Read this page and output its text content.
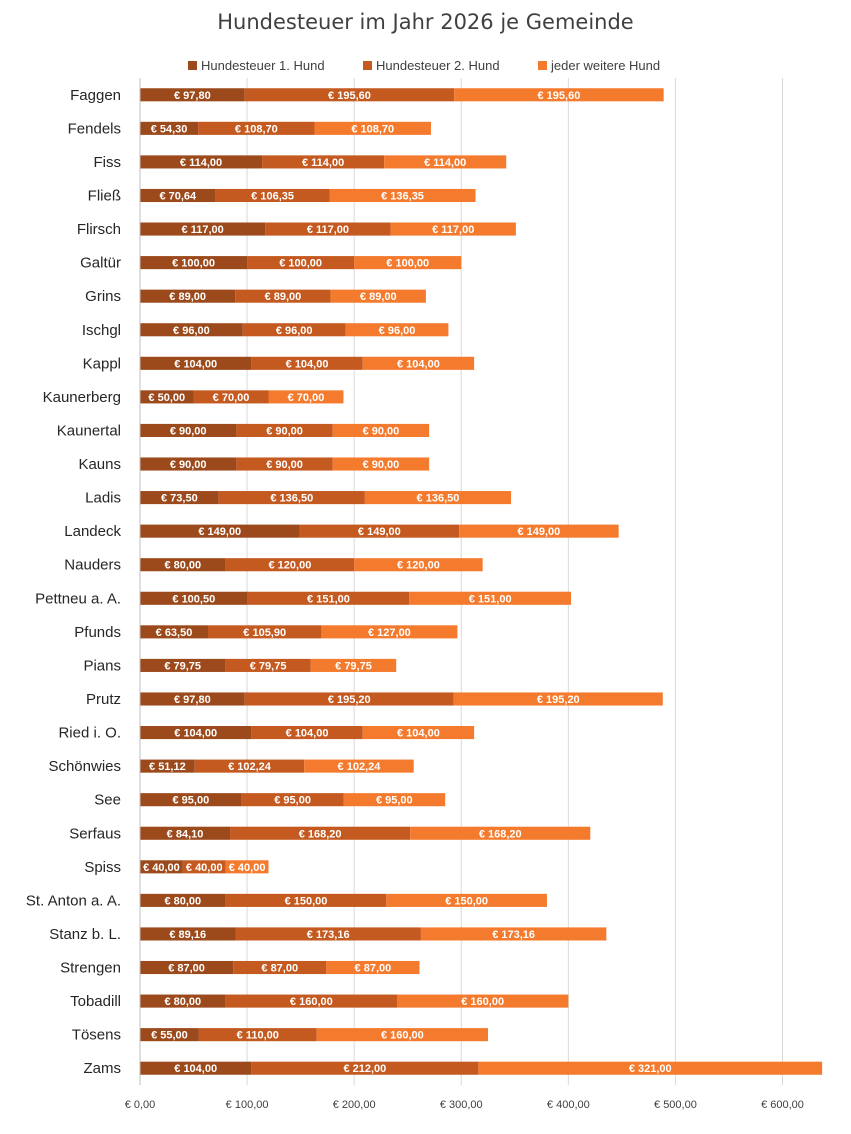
Hundesteuer im Jahr 2026 je Gemeinde
€ 0,00	€ 100,00	€ 200,00	€ 300,00	€ 400,00	€ 500,00	€ 600,00
Hundesteuer 1. Hund	Hundesteuer 2. Hund	jeder weitere Hund
Faggen	€ 97,80	€ 195,60	€ 195,60
Fendels	€ 54,30	€ 108,70	€ 108,70
Fiss	€ 114,00	€ 114,00	€ 114,00
Fließ	€ 70,64	€ 106,35	€ 136,35
Flirsch	€ 117,00	€ 117,00	€ 117,00
Galtür	€ 100,00	€ 100,00	€ 100,00
Grins	€ 89,00	€ 89,00	€ 89,00
Ischgl	€ 96,00	€ 96,00	€ 96,00
Kappl	€ 104,00	€ 104,00	€ 104,00
Kaunerberg € 50,00	€ 70,00	€ 70,00
Kaunertal	€ 90,00	€ 90,00	€ 90,00
Kauns	€ 90,00	€ 90,00	€ 90,00
Ladis	€ 73,50	€ 136,50	€ 136,50
Landeck	€ 149,00	€ 149,00	€ 149,00
Nauders	€ 80,00	€ 120,00	€ 120,00
Pettneu a. A.	€ 100,50	€ 151,00	€ 151,00
Pfunds	€ 63,50	€ 105,90	€ 127,00
Pians	€ 79,75	€ 79,75	€ 79,75
Prutz	€ 97,80	€ 195,20	€ 195,20
Ried i. O.	€ 104,00	€ 104,00	€ 104,00
Schönwies	€ 51,12	€ 102,24	€ 102,24
See	€ 95,00	€ 95,00	€ 95,00
Serfaus	€ 84,10	€ 168,20	€ 168,20
Spiss € 40,00 € 40,00 € 40,00
St. Anton a. A.	€ 80,00	€ 150,00	€ 150,00
Stanz b. L.	€ 89,16	€ 173,16	€ 173,16
Strengen	€ 87,00	€ 87,00	€ 87,00
Tobadill	€ 80,00	€ 160,00	€ 160,00
Tösens	€ 55,00	€ 110,00	€ 160,00
Zams	€ 104,00	€ 212,00	€ 321,00
